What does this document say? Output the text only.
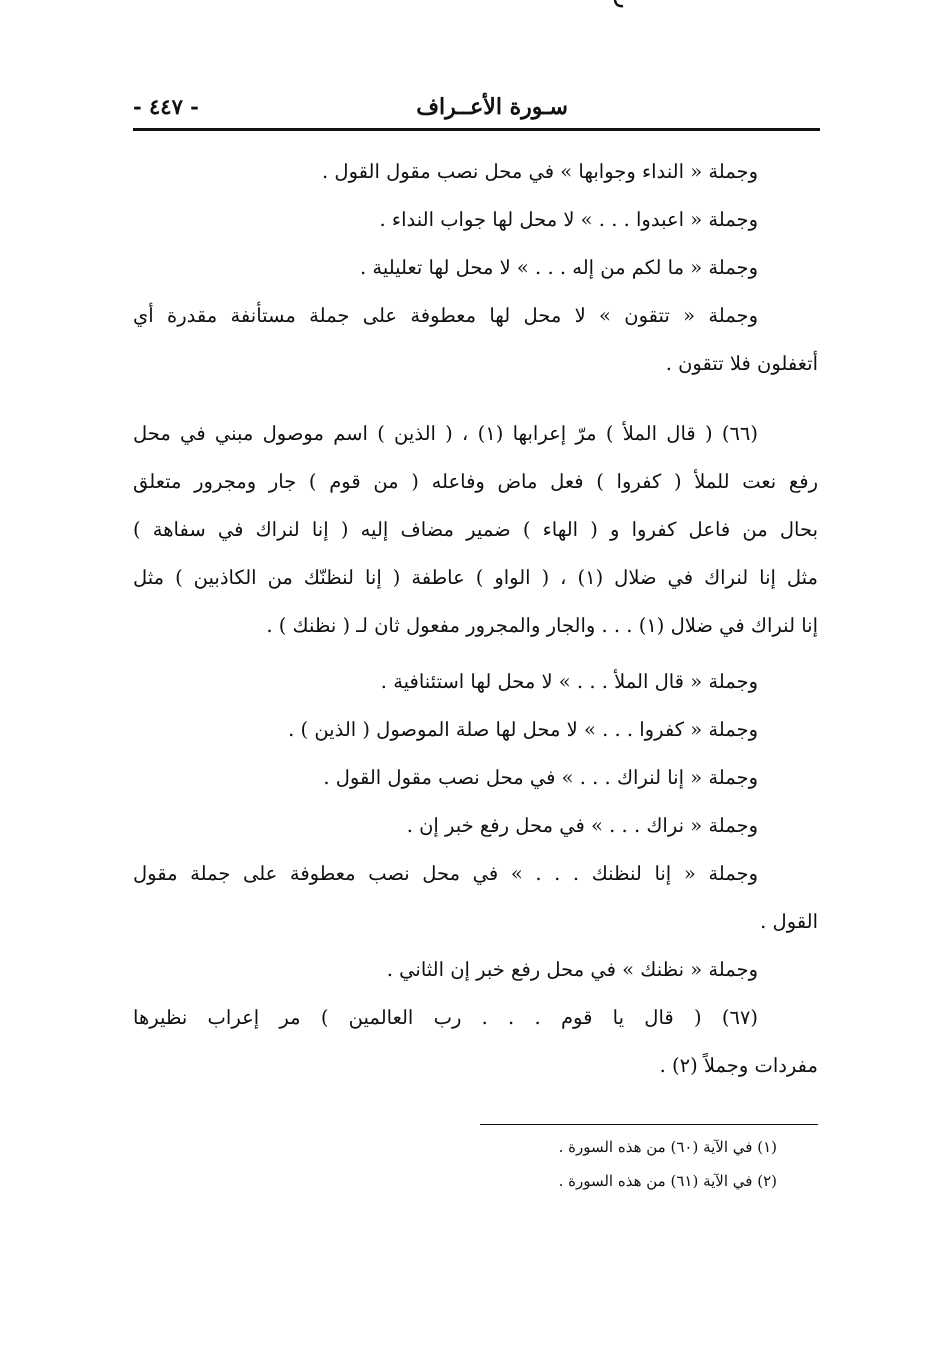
سـورة الأعــراف
- ٤٤٧ -
وجملة « النداء وجوابها » في محل نصب مقول القول .
وجملة « اعبدوا . . . » لا محل لها جواب النداء .
وجملة « ما لكم من إله . . . » لا محل لها تعليلية .
وجملة « تتقون » لا محل لها معطوفة على جملة مستأنفة مقدرة أي
أتغفلون فلا تتقون .
(٦٦) ( قال الملأ ) مرّ إعرابها (١) ، ( الذين ) اسم موصول مبني في محل
رفع نعت للملأ ( كفروا ) فعل ماض وفاعله ( من قوم ) جار ومجرور متعلق
بحال من فاعل كفروا و ( الهاء ) ضمير مضاف إليه ( إنا لنراك في سفاهة )
مثل إنا لنراك في ضلال (١) ، ( الواو ) عاطفة ( إنا لنظنّك من الكاذبين ) مثل
إنا لنراك في ضلال (١) . . . والجار والمجرور مفعول ثان لـ ( نظنك ) .
وجملة « قال الملأ . . . » لا محل لها استئنافية .
وجملة « كفروا . . . » لا محل لها صلة الموصول ( الذين ) .
وجملة « إنا لنراك . . . » في محل نصب مقول القول .
وجملة « نراك . . . » في محل رفع خبر إن .
وجملة « إنا لنظنك . . . » في محل نصب معطوفة على جملة مقول
القول .
وجملة « نظنك » في محل رفع خبر إن الثاني .
(٦٧) ( قال يا قوم . . . رب العالمين ) مر إعراب نظيرها
مفردات وجملاً (٢) .
(١) في الآية (٦٠) من هذه السورة .
(٢) في الآية (٦١) من هذه السورة .
